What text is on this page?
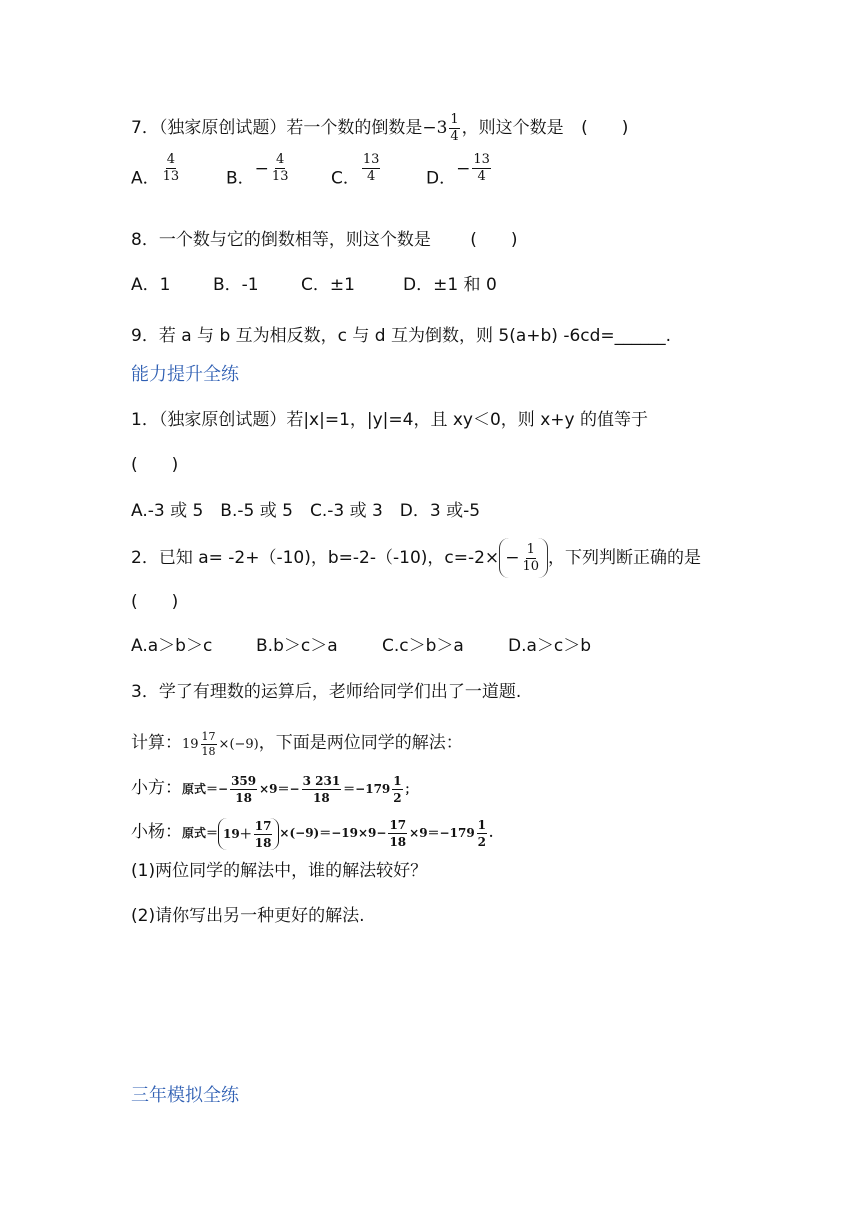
7．（独家原创试题）若一个数的倒数是$-3 \frac{1}{4}$ ，则这个数是 (　　)
A． $\frac{4}{13}$	B．− $\frac{4}{13}$ C． $\frac{13}{4}$	D．− $\frac{13}{4}$
8．一个数与它的倒数相等，则这个数是 (　　)
A．1	B．-1 C．±1	D．±1 和 0
9．若 a 与 b 互为相反数，c 与 d 互为倒数，则 5(a+b) -6cd=______.
能力提升全练
1．（独家原创试题）若|x|=1，|y|=4，且 xy＜0，则 x+y 的值等于
(　　)
A.-3 或 5　B.-5 或 5　C.-3 或 3　D．3 或-5
2．已知 a= -2+（-10)，b=-2-（-10)，$c=-2\times - \frac{1}{10}$ ，下列判断正确的是
(　　)
A.a＞b＞c	B.b＞c＞a	C.c＞b＞a	D.a＞c＞b
3．学了有理数的运算后，老师给同学们出了一道题.
计算：$19 \frac{17}{18} \times(-9)$，下面是两位同学的解法：
小方：原式＝− $\frac{359}{18} \times 9=- \frac{3 231}{18} =-179 \frac{1}{2}$ ；
小杨：原式＝ $19+ \frac{17}{18} \times(-9)=-19\times 9- \frac{17}{18} \times 9=-179 \frac{1}{2}$ .
(1)两位同学的解法中，谁的解法较好？
(2)请你写出另一种更好的解法.
三年模拟全练
